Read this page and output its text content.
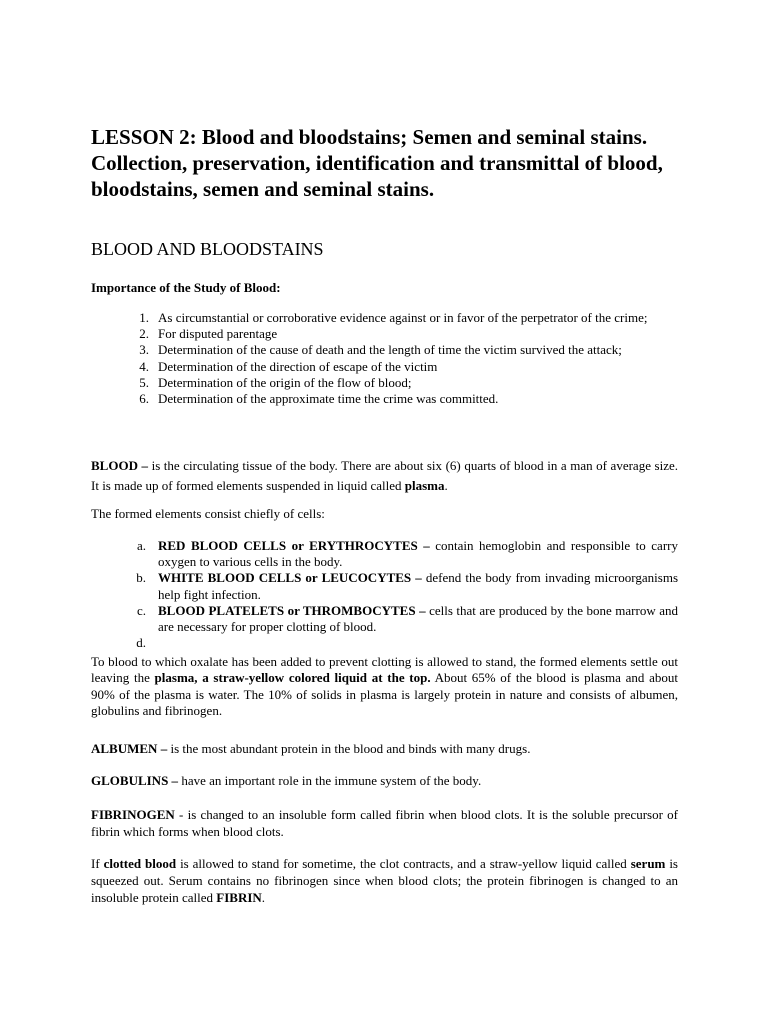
LESSON 2: Blood and bloodstains; Semen and seminal stains. Collection, preservation, identification and transmittal of blood, bloodstains, semen and seminal stains.
BLOOD AND BLOODSTAINS
Importance of the Study of Blood:
1. As circumstantial or corroborative evidence against or in favor of the perpetrator of the crime;
2. For disputed parentage
3. Determination of the cause of death and the length of time the victim survived the attack;
4. Determination of the direction of escape of the victim
5. Determination of the origin of the flow of blood;
6. Determination of the approximate time the crime was committed.

BLOOD – is the circulating tissue of the body. There are about six (6) quarts of blood in a man of average size. It is made up of formed elements suspended in liquid called plasma.

The formed elements consist chiefly of cells:

a. RED BLOOD CELLS or ERYTHROCYTES – contain hemoglobin and responsible to carry oxygen to various cells in the body.
b. WHITE BLOOD CELLS or LEUCOCYTES – defend the body from invading microorganisms help fight infection.
c. BLOOD PLATELETS or THROMBOCYTES – cells that are produced by the bone marrow and are necessary for proper clotting of blood.
d.

To blood to which oxalate has been added to prevent clotting is allowed to stand, the formed elements settle out leaving the plasma, a straw-yellow colored liquid at the top. About 65% of the blood is plasma and about 90% of the plasma is water. The 10% of solids in plasma is largely protein in nature and consists of albumen, globulins and fibrinogen.

ALBUMEN – is the most abundant protein in the blood and binds with many drugs.

GLOBULINS – have an important role in the immune system of the body.

FIBRINOGEN - is changed to an insoluble form called fibrin when blood clots. It is the soluble precursor of fibrin which forms when blood clots.

If clotted blood is allowed to stand for sometime, the clot contracts, and a straw-yellow liquid called serum is squeezed out. Serum contains no fibrinogen since when blood clots; the protein fibrinogen is changed to an insoluble protein called FIBRIN.
